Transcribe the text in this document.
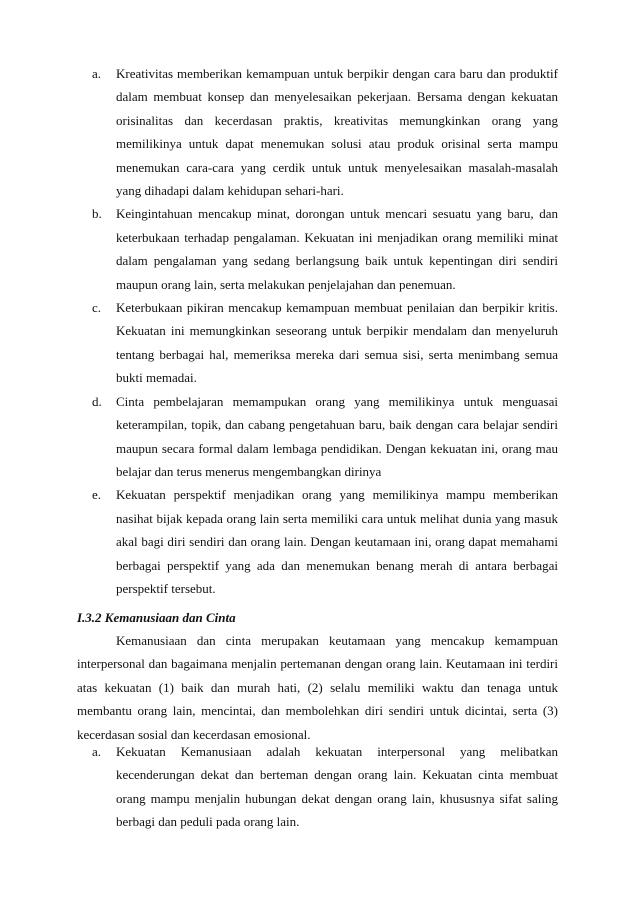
a. Kreativitas memberikan kemampuan untuk berpikir dengan cara baru dan produktif dalam membuat konsep dan menyelesaikan pekerjaan. Bersama dengan kekuatan orisinalitas dan kecerdasan praktis, kreativitas memungkinkan orang yang memilikinya untuk dapat menemukan solusi atau produk orisinal serta mampu menemukan cara-cara yang cerdik untuk untuk menyelesaikan masalah-masalah yang dihadapi dalam kehidupan sehari-hari.
b. Keingintahuan mencakup minat, dorongan untuk mencari sesuatu yang baru, dan keterbukaan terhadap pengalaman. Kekuatan ini menjadikan orang memiliki minat dalam pengalaman yang sedang berlangsung baik untuk kepentingan diri sendiri maupun orang lain, serta melakukan penjelajahan dan penemuan.
c. Keterbukaan pikiran mencakup kemampuan membuat penilaian dan berpikir kritis. Kekuatan ini memungkinkan seseorang untuk berpikir mendalam dan menyeluruh tentang berbagai hal, memeriksa mereka dari semua sisi, serta menimbang semua bukti memadai.
d. Cinta pembelajaran memampukan orang yang memilikinya untuk menguasai keterampilan, topik, dan cabang pengetahuan baru, baik dengan cara belajar sendiri maupun secara formal dalam lembaga pendidikan. Dengan kekuatan ini, orang mau belajar dan terus menerus mengembangkan dirinya
e. Kekuatan perspektif menjadikan orang yang memilikinya mampu memberikan nasihat bijak kepada orang lain serta memiliki cara untuk melihat dunia yang masuk akal bagi diri sendiri dan orang lain. Dengan keutamaan ini, orang dapat memahami berbagai perspektif yang ada dan menemukan benang merah di antara berbagai perspektif tersebut.
I.3.2 Kemanusiaan dan Cinta

Kemanusiaan dan cinta merupakan keutamaan yang mencakup kemampuan interpersonal dan bagaimana menjalin pertemanan dengan orang lain. Keutamaan ini terdiri atas kekuatan (1) baik dan murah hati, (2) selalu memiliki waktu dan tenaga untuk membantu orang lain, mencintai, dan membolehkan diri sendiri untuk dicintai, serta (3) kecerdasan sosial dan kecerdasan emosional.

a. Kekuatan Kemanusiaan adalah kekuatan interpersonal yang melibatkan kecenderungan dekat dan berteman dengan orang lain. Kekuatan cinta membuat orang mampu menjalin hubungan dekat dengan orang lain, khususnya sifat saling berbagi dan peduli pada orang lain.
